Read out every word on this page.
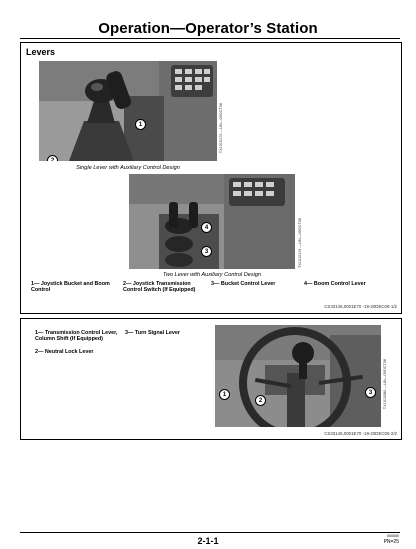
Operation—Operator’s Station
Levers
1
2
TX1010170 —UN—09OCT06
Single Lever with Auxiliary Control Design
4
3	TX1010119 —UN—09OCT06
Two Lever with Auxiliary Control Design
1— Joystick Bucket and Boom Control
2— Joystick Transmission Control Switch (If Equipped)
3— Bucket Control Lever	4— Boom Control Lever
CS33146,0001E70 -19-20DEC06-1/2
1— Transmission Control Lever, Column Shift (If Equipped)
2— Neutral Lock Lever
3— Turn Signal Lever
1
2
3	TX1010080 —UN—09OCT06
CS33146,0001E70 -19-20DEC06-2/2
2-1-1	000000
PN=25
